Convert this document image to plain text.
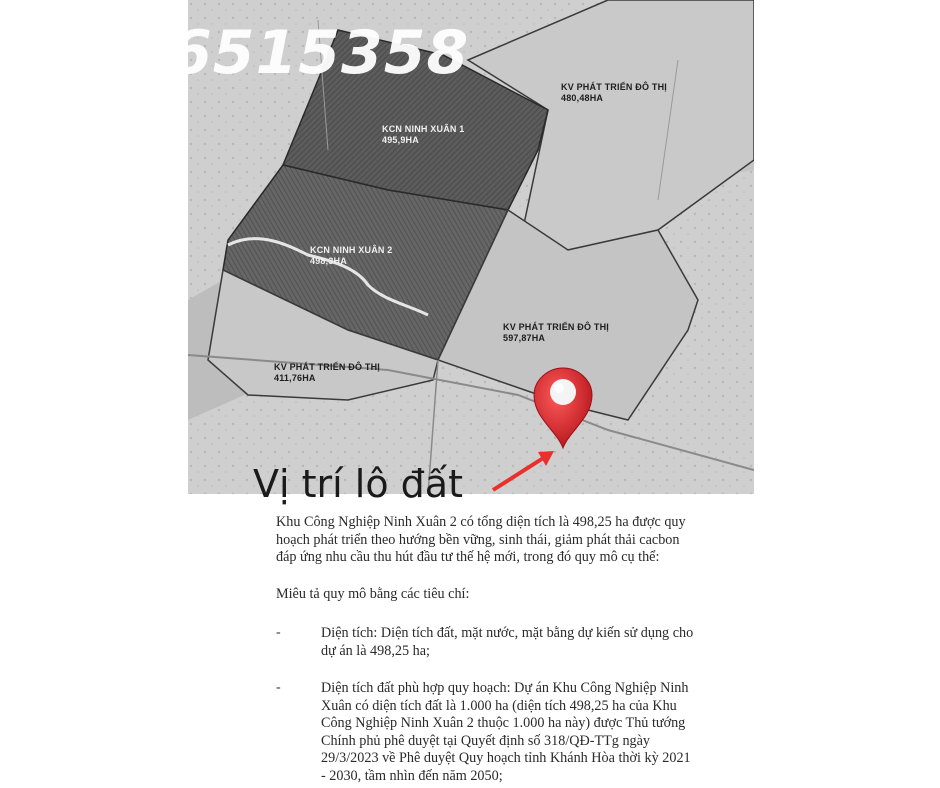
KV PHÁT TRIỂN ĐÔ THỊ
480,48HA
KCN NINH XUÂN 1
495,9HA
KCN NINH XUÂN 2
498,3HA
KV PHÁT TRIỂN ĐÔ THỊ
597,87HA
KV PHÁT TRIỂN ĐÔ THỊ
411,76HA
6515358
Vị trí lô đất
Khu Công Nghiệp Ninh Xuân 2 có tổng diện tích là 498,25 ha được quy
hoạch phát triển theo hướng bền vững, sinh thái, giảm phát thải cacbon
đáp ứng nhu cầu thu hút đầu tư thế hệ mới, trong đó quy mô cụ thể:
Miêu tả quy mô bằng các tiêu chí:
-	Diện tích: Diện tích đất, mặt nước, mặt bằng dự kiến sử dụng cho
dự án là 498,25 ha;
-	Diện tích đất phù hợp quy hoạch: Dự án Khu Công Nghiệp Ninh
Xuân có diện tích đất là 1.000 ha (diện tích 498,25 ha của Khu
Công Nghiệp Ninh Xuân 2 thuộc 1.000 ha này) được Thủ tướng
Chính phủ phê duyệt tại Quyết định số 318/QĐ-TTg ngày
29/3/2023 về Phê duyệt Quy hoạch tỉnh Khánh Hòa thời kỳ 2021
- 2030, tầm nhìn đến năm 2050;
